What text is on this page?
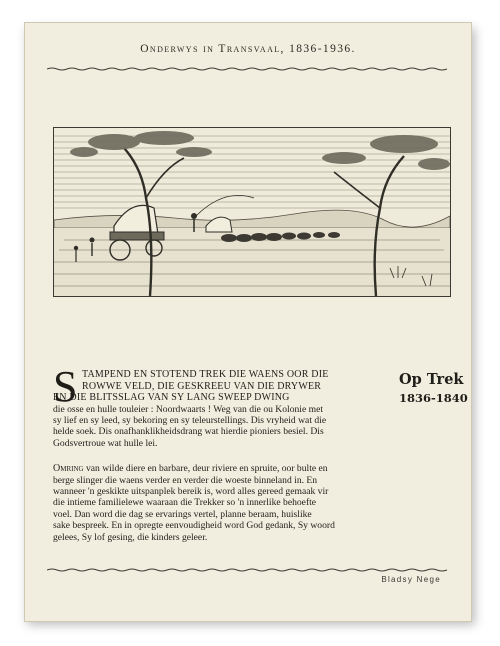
Onderwys in Transvaal, 1836-1936.
Op Trek
1836-1840
S TAMPEND EN STOTEND TREK DIE WAENS OOR DIE
ROWWE VELD, DIE GESKREEU VAN DIE DRYWER
EN DIE BLITSSLAG VAN SY LANG SWEEP DWING
die osse en hulle touleier : Noordwaarts ! Weg van die ou Kolonie met
sy lief en sy leed, sy bekoring en sy teleurstellings. Dis vryheid wat die
helde soek. Dis onafhanklikheidsdrang wat hierdie pioniers besiel. Dis
Godsvertroue wat hulle lei.
Omring van wilde diere en barbare, deur riviere en spruite, oor bulte en
berge slinger die waens verder en verder die woeste binneland in. En
wanneer 'n geskikte uitspanplek bereik is, word alles gereed gemaak vir
die intieme familielewe waaraan die Trekker so 'n innerlike behoefte
voel. Dan word die dag se ervarings vertel, planne beraam, huislike
sake bespreek. En in opregte eenvoudigheid word God gedank, Sy woord
gelees, Sy lof gesing, die kinders geleer.
Bladsy Nege
